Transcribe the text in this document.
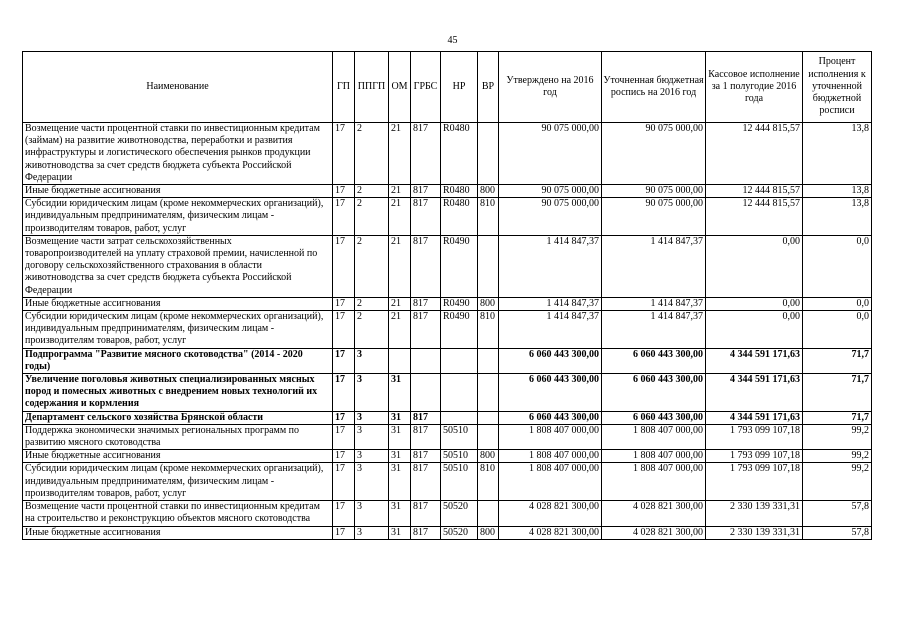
45
Наименование	ГП	ППГП	ОМ	ГРБС	НР	ВР	Утверждено на 2016 год	Уточненная бюджетная роспись на 2016 год	Кассовое исполнение за 1 полугодие 2016 года	Процент исполнения к уточненной бюджетной росписи
Возмещение части процентной ставки по инвестиционным кредитам (займам) на развитие животноводства, переработки и развития инфраструктуры и логистического обеспечения рынков продукции животноводства за счет средств бюджета субъекта Российской Федерации	17	2	21	817	R0480		90 075 000,00	90 075 000,00	12 444 815,57	13,8
Иные бюджетные ассигнования	17	2	21	817	R0480	800	90 075 000,00	90 075 000,00	12 444 815,57	13,8
Субсидии юридическим лицам (кроме некоммерческих организаций), индивидуальным предпринимателям, физическим лицам - производителям товаров, работ, услуг	17	2	21	817	R0480	810	90 075 000,00	90 075 000,00	12 444 815,57	13,8
Возмещение части затрат сельскохозяйственных товаропроизводителей на уплату страховой премии, начисленной по договору сельскохозяйственного страхования в области животноводства за счет средств бюджета субъекта Российской Федерации	17	2	21	817	R0490		1 414 847,37	1 414 847,37	0,00	0,0
Иные бюджетные ассигнования	17	2	21	817	R0490	800	1 414 847,37	1 414 847,37	0,00	0,0
Субсидии юридическим лицам (кроме некоммерческих организаций), индивидуальным предпринимателям, физическим лицам - производителям товаров, работ, услуг	17	2	21	817	R0490	810	1 414 847,37	1 414 847,37	0,00	0,0
Подпрограмма "Развитие мясного скотоводства" (2014 - 2020 годы)	17	3					6 060 443 300,00	6 060 443 300,00	4 344 591 171,63	71,7
Увеличение поголовья животных специализированных мясных пород и помесных животных с внедрением новых технологий их содержания и кормления	17	3	31				6 060 443 300,00	6 060 443 300,00	4 344 591 171,63	71,7
Департамент сельского хозяйства Брянской области	17	3	31	817			6 060 443 300,00	6 060 443 300,00	4 344 591 171,63	71,7
Поддержка экономически значимых региональных программ по развитию мясного скотоводства	17	3	31	817	50510		1 808 407 000,00	1 808 407 000,00	1 793 099 107,18	99,2
Иные бюджетные ассигнования	17	3	31	817	50510	800	1 808 407 000,00	1 808 407 000,00	1 793 099 107,18	99,2
Субсидии юридическим лицам (кроме некоммерческих организаций), индивидуальным предпринимателям, физическим лицам - производителям товаров, работ, услуг	17	3	31	817	50510	810	1 808 407 000,00	1 808 407 000,00	1 793 099 107,18	99,2
Возмещение части процентной ставки по инвестиционным кредитам на строительство и реконструкцию объектов мясного скотоводства	17	3	31	817	50520		4 028 821 300,00	4 028 821 300,00	2 330 139 331,31	57,8
Иные бюджетные ассигнования	17	3	31	817	50520	800	4 028 821 300,00	4 028 821 300,00	2 330 139 331,31	57,8
